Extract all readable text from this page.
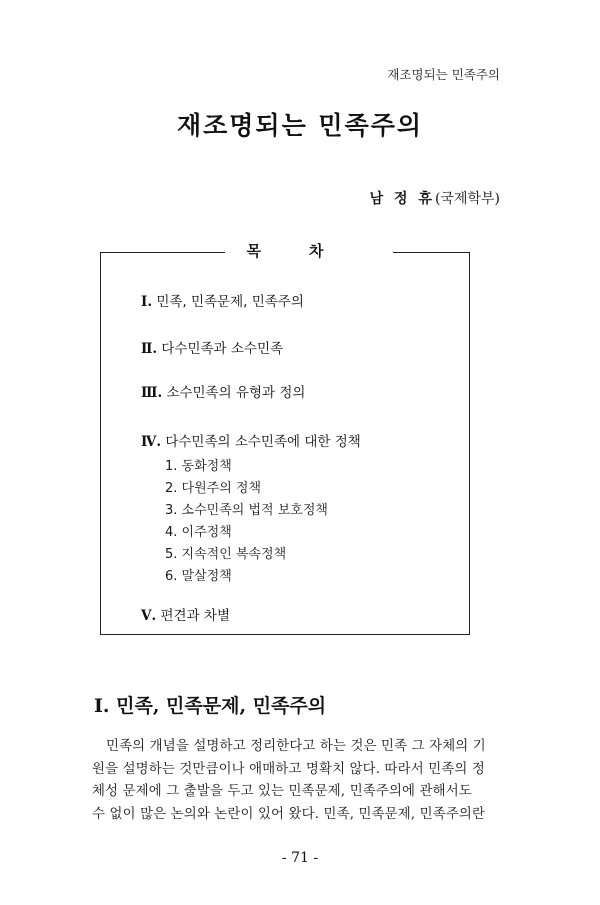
재조명되는 민족주의
재조명되는 민족주의
남 정 휴(국제학부)
목차
Ⅰ. 민족, 민족문제, 민족주의
Ⅱ. 다수민족과 소수민족
Ⅲ. 소수민족의 유형과 정의
Ⅳ. 다수민족의 소수민족에 대한 정책
1. 동화정책
2. 다원주의 정책
3. 소수민족의 법적 보호정책
4. 이주정책
5. 지속적인 복속정책
6. 말살정책
Ⅴ. 편견과 차별
Ⅰ. 민족, 민족문제, 민족주의
민족의 개념을 설명하고 정리한다고 하는 것은 민족 그 자체의 기
원을 설명하는 것만큼이나 애매하고 명확치 않다. 따라서 민족의 정
체성 문제에 그 출발을 두고 있는 민족문제, 민족주의에 관해서도
수 없이 많은 논의와 논란이 있어 왔다. 민족, 민족문제, 민족주의란
- 71 -
